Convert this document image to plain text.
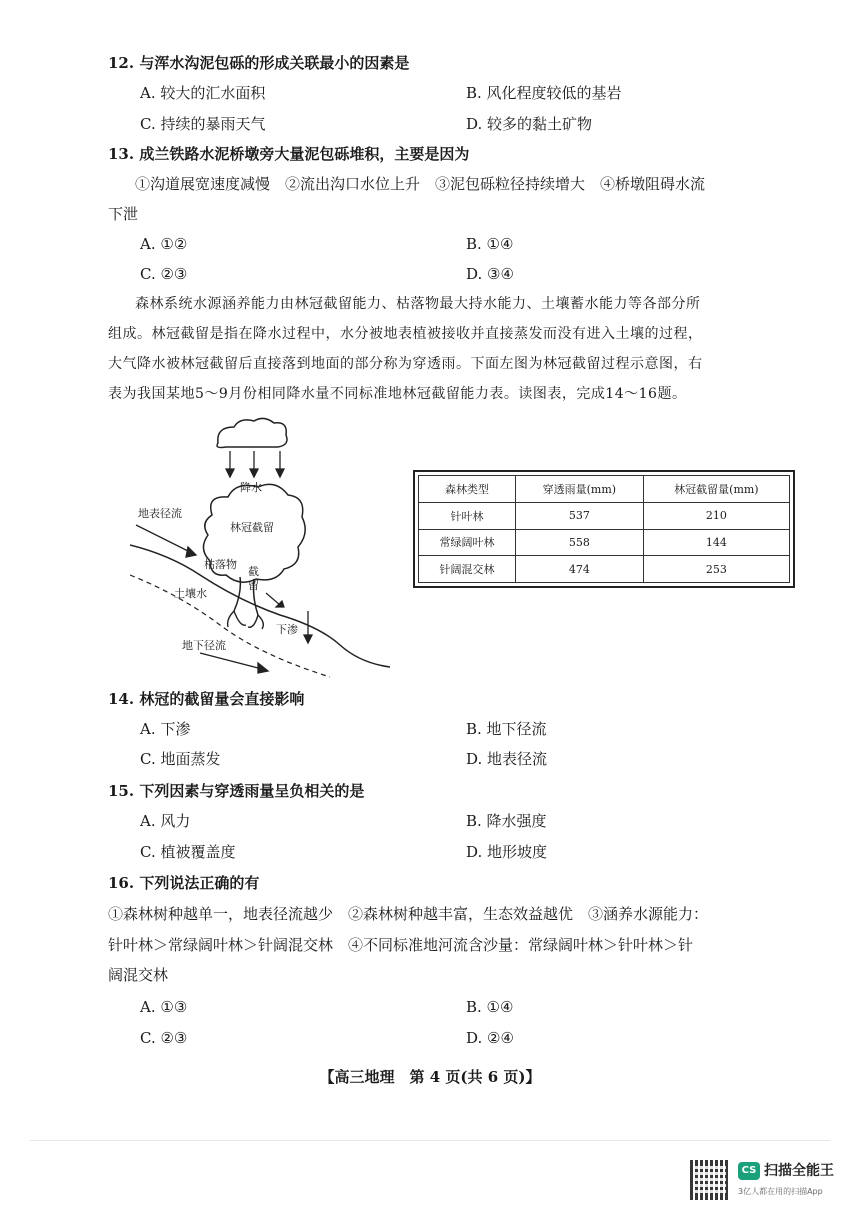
12. 与浑水沟泥包砾的形成关联最小的因素是
A. 较大的汇水面积	B. 风化程度较低的基岩
C. 持续的暴雨天气	D. 较多的黏土矿物
13. 成兰铁路水泥桥墩旁大量泥包砾堆积，主要是因为
①沟道展宽速度减慢　②流出沟口水位上升　③泥包砾粒径持续增大　④桥墩阻碍水流
下泄
A. ①②	B. ①④
C. ②③	D. ③④
森林系统水源涵养能力由林冠截留能力、枯落物最大持水能力、土壤蓄水能力等各部分所
组成。林冠截留是指在降水过程中，水分被地表植被接收并直接蒸发而没有进入土壤的过程，
大气降水被林冠截留后直接落到地面的部分称为穿透雨。下面左图为林冠截留过程示意图，右
表为我国某地5～9月份相同降水量不同标准地林冠截留能力表。读图表，完成14～16题。
降水
地表径流
林冠截留
枯落物
截留
土壤水
下渗
地下径流
森林类型	穿透雨量(mm)	林冠截留量(mm)
针叶林	537	210
常绿阔叶林	558	144
针阔混交林	474	253
14. 林冠的截留量会直接影响
A. 下渗	B. 地下径流
C. 地面蒸发	D. 地表径流
15. 下列因素与穿透雨量呈负相关的是
A. 风力	B. 降水强度
C. 植被覆盖度	D. 地形坡度
16. 下列说法正确的有
①森林树种越单一，地表径流越少　②森林树种越丰富，生态效益越优　③涵养水源能力：
针叶林＞常绿阔叶林＞针阔混交林　④不同标准地河流含沙量：常绿阔叶林＞针叶林＞针
阔混交林
A. ①③	B. ①④
C. ②③	D. ②④
【高三地理　第 4 页(共 6 页)】
CS 扫描全能王
3亿人都在用的扫描App
